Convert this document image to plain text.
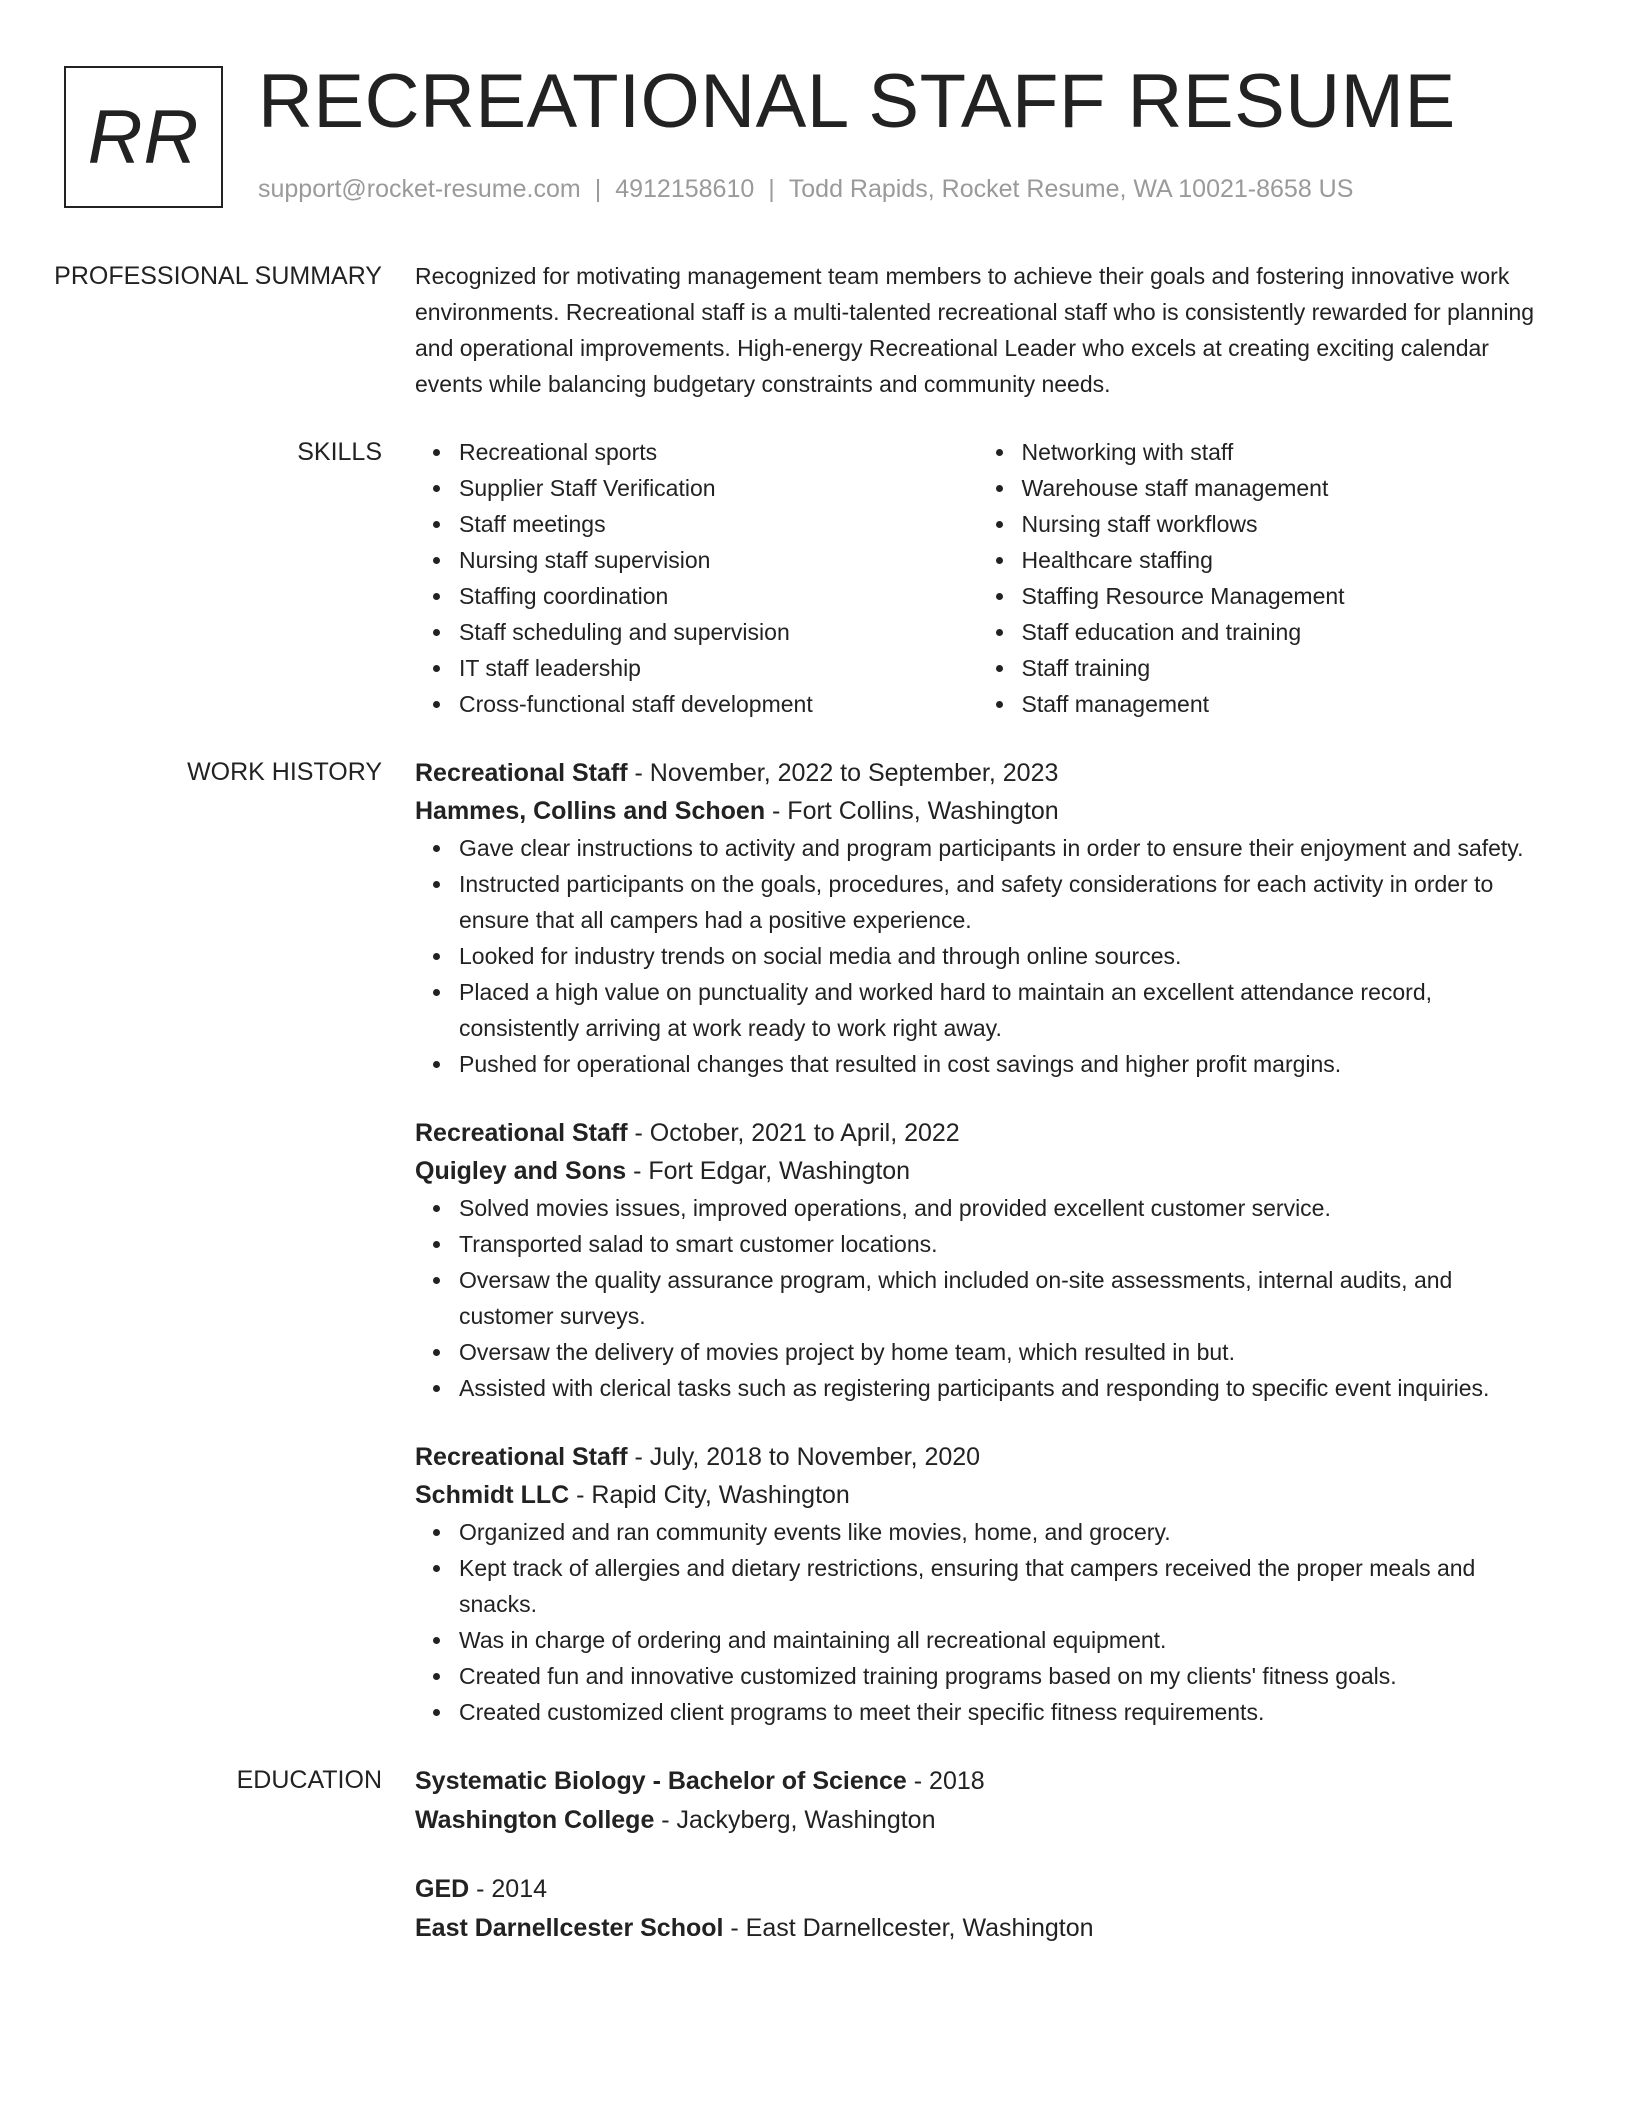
RR RECREATIONAL STAFF RESUME
support@rocket-resume.com | 4912158610 | Todd Rapids, Rocket Resume, WA 10021-8658 US
PROFESSIONAL SUMMARY	Recognized for motivating management team members to achieve their goals and fostering innovative work environments. Recreational staff is a multi-talented recreational staff who is consistently rewarded for planning and operational improvements. High-energy Recreational Leader who excels at creating exciting calendar events while balancing budgetary constraints and community needs.

SKILLS	Recreational sports
Supplier Staff Verification
Staff meetings
Nursing staff supervision
Staffing coordination
Staff scheduling and supervision
IT staff leadership
Cross-functional staff development
Networking with staff
Warehouse staff management
Nursing staff workflows
Healthcare staffing
Staffing Resource Management
Staff education and training
Staff training
Staff management
WORK HISTORY	Recreational Staff - November, 2022 to September, 2023
Hammes, Collins and Schoen - Fort Collins, Washington
Gave clear instructions to activity and program participants in order to ensure their enjoyment and safety.
Instructed participants on the goals, procedures, and safety considerations for each activity in order to ensure that all campers had a positive experience.
Looked for industry trends on social media and through online sources.
Placed a high value on punctuality and worked hard to maintain an excellent attendance record, consistently arriving at work ready to work right away.
Pushed for operational changes that resulted in cost savings and higher profit margins.
Recreational Staff - October, 2021 to April, 2022
Quigley and Sons - Fort Edgar, Washington
Solved movies issues, improved operations, and provided excellent customer service.
Transported salad to smart customer locations.
Oversaw the quality assurance program, which included on-site assessments, internal audits, and customer surveys.
Oversaw the delivery of movies project by home team, which resulted in but.
Assisted with clerical tasks such as registering participants and responding to specific event inquiries.
Recreational Staff - July, 2018 to November, 2020
Schmidt LLC - Rapid City, Washington
Organized and ran community events like movies, home, and grocery.
Kept track of allergies and dietary restrictions, ensuring that campers received the proper meals and snacks.
Was in charge of ordering and maintaining all recreational equipment.
Created fun and innovative customized training programs based on my clients' fitness goals.
Created customized client programs to meet their specific fitness requirements.
EDUCATION	Systematic Biology - Bachelor of Science - 2018
Washington College - Jackyberg, Washington
GED - 2014
East Darnellcester School - East Darnellcester, Washington
